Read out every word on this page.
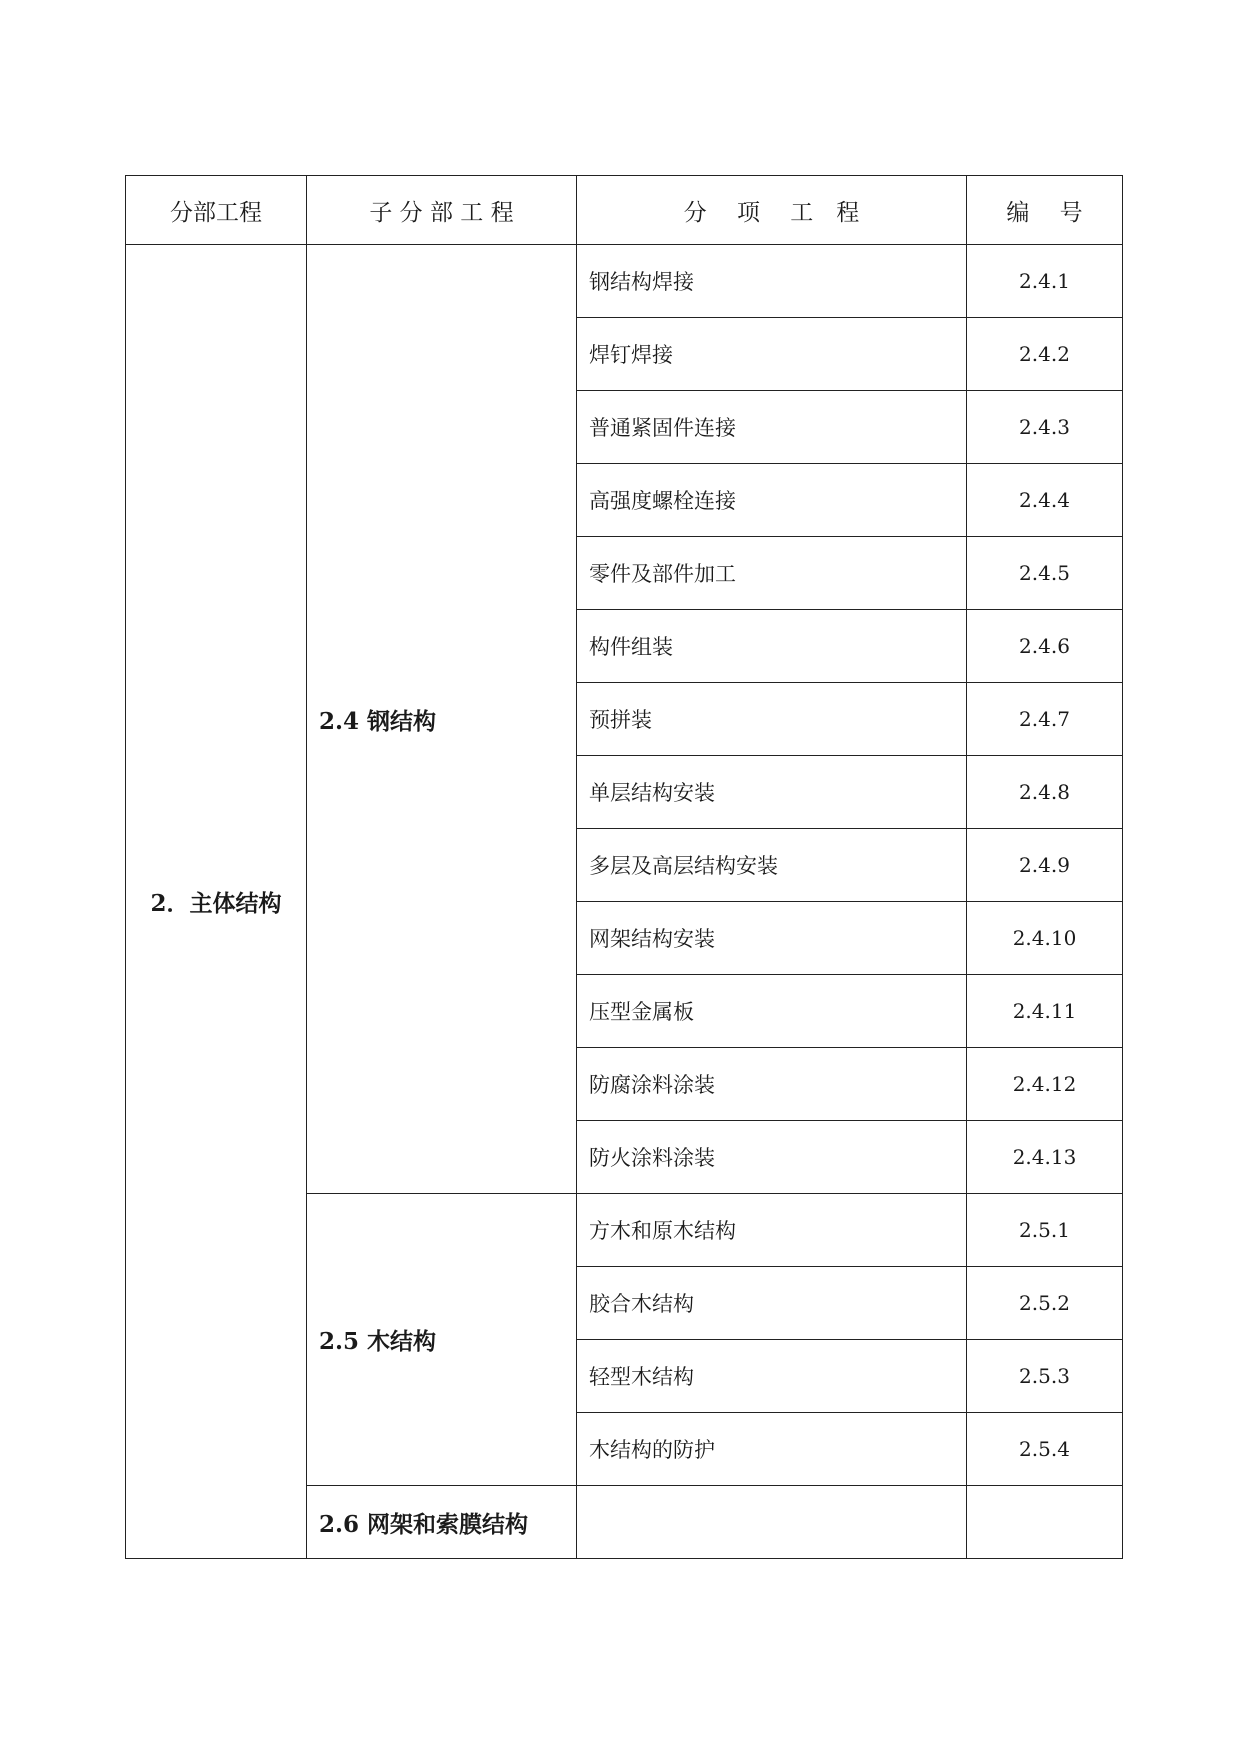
分部工程	子 分 部 工 程	分　 项　 工　程	编　 号
2．主体结构	2.4 钢结构	钢结构焊接	2.4.1
		焊钉焊接	2.4.2
		普通紧固件连接	2.4.3
		高强度螺栓连接	2.4.4
		零件及部件加工	2.4.5
		构件组装	2.4.6
		预拼装	2.4.7
		单层结构安装	2.4.8
		多层及高层结构安装	2.4.9
		网架结构安装	2.4.10
		压型金属板	2.4.11
		防腐涂料涂装	2.4.12
		防火涂料涂装	2.4.13
	2.5 木结构	方木和原木结构	2.5.1
		胶合木结构	2.5.2
		轻型木结构	2.5.3
		木结构的防护	2.5.4
	2.6 网架和索膜结构		
